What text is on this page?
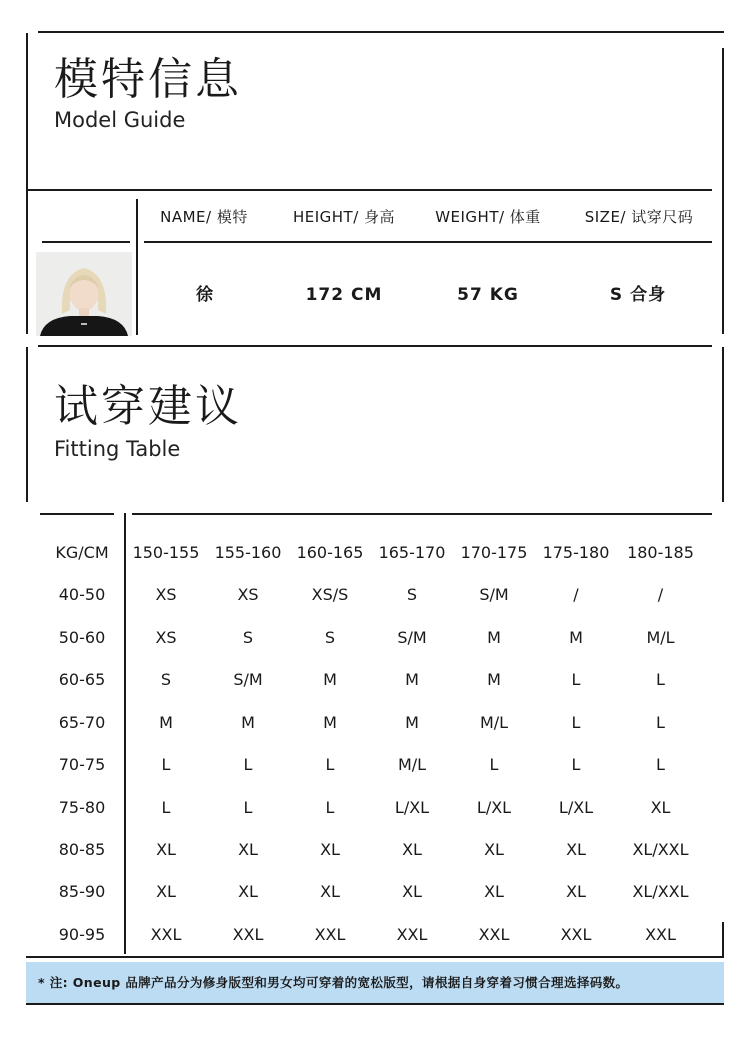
模特信息
Model Guide
NAME/ 模特	HEIGHT/ 身高	WEIGHT/ 体重	SIZE/ 试穿尺码
徐	172 CM	57 KG	S 合身
试穿建议
Fitting Table
KG/CM	150-155 155-160 160-165 165-170 170-175 175-180	180-185
40-50	XS	XS	XS/S	S	S/M	/	/
50-60	XS	S	S	S/M	M	M	M/L
60-65	S	S/M	M	M	M	L	L
65-70	M	M	M	M	M/L	L	L
70-75	L	L	L	M/L	L	L	L
75-80	L	L	L	L/XL	L/XL	L/XL	XL
80-85	XL	XL	XL	XL	XL	XL	XL/XXL
85-90	XL	XL	XL	XL	XL	XL	XL/XXL
90-95	XXL	XXL	XXL	XXL	XXL	XXL	XXL
* 注: Oneup 品牌产品分为修身版型和男女均可穿着的宽松版型，请根据自身穿着习惯合理选择码数。
